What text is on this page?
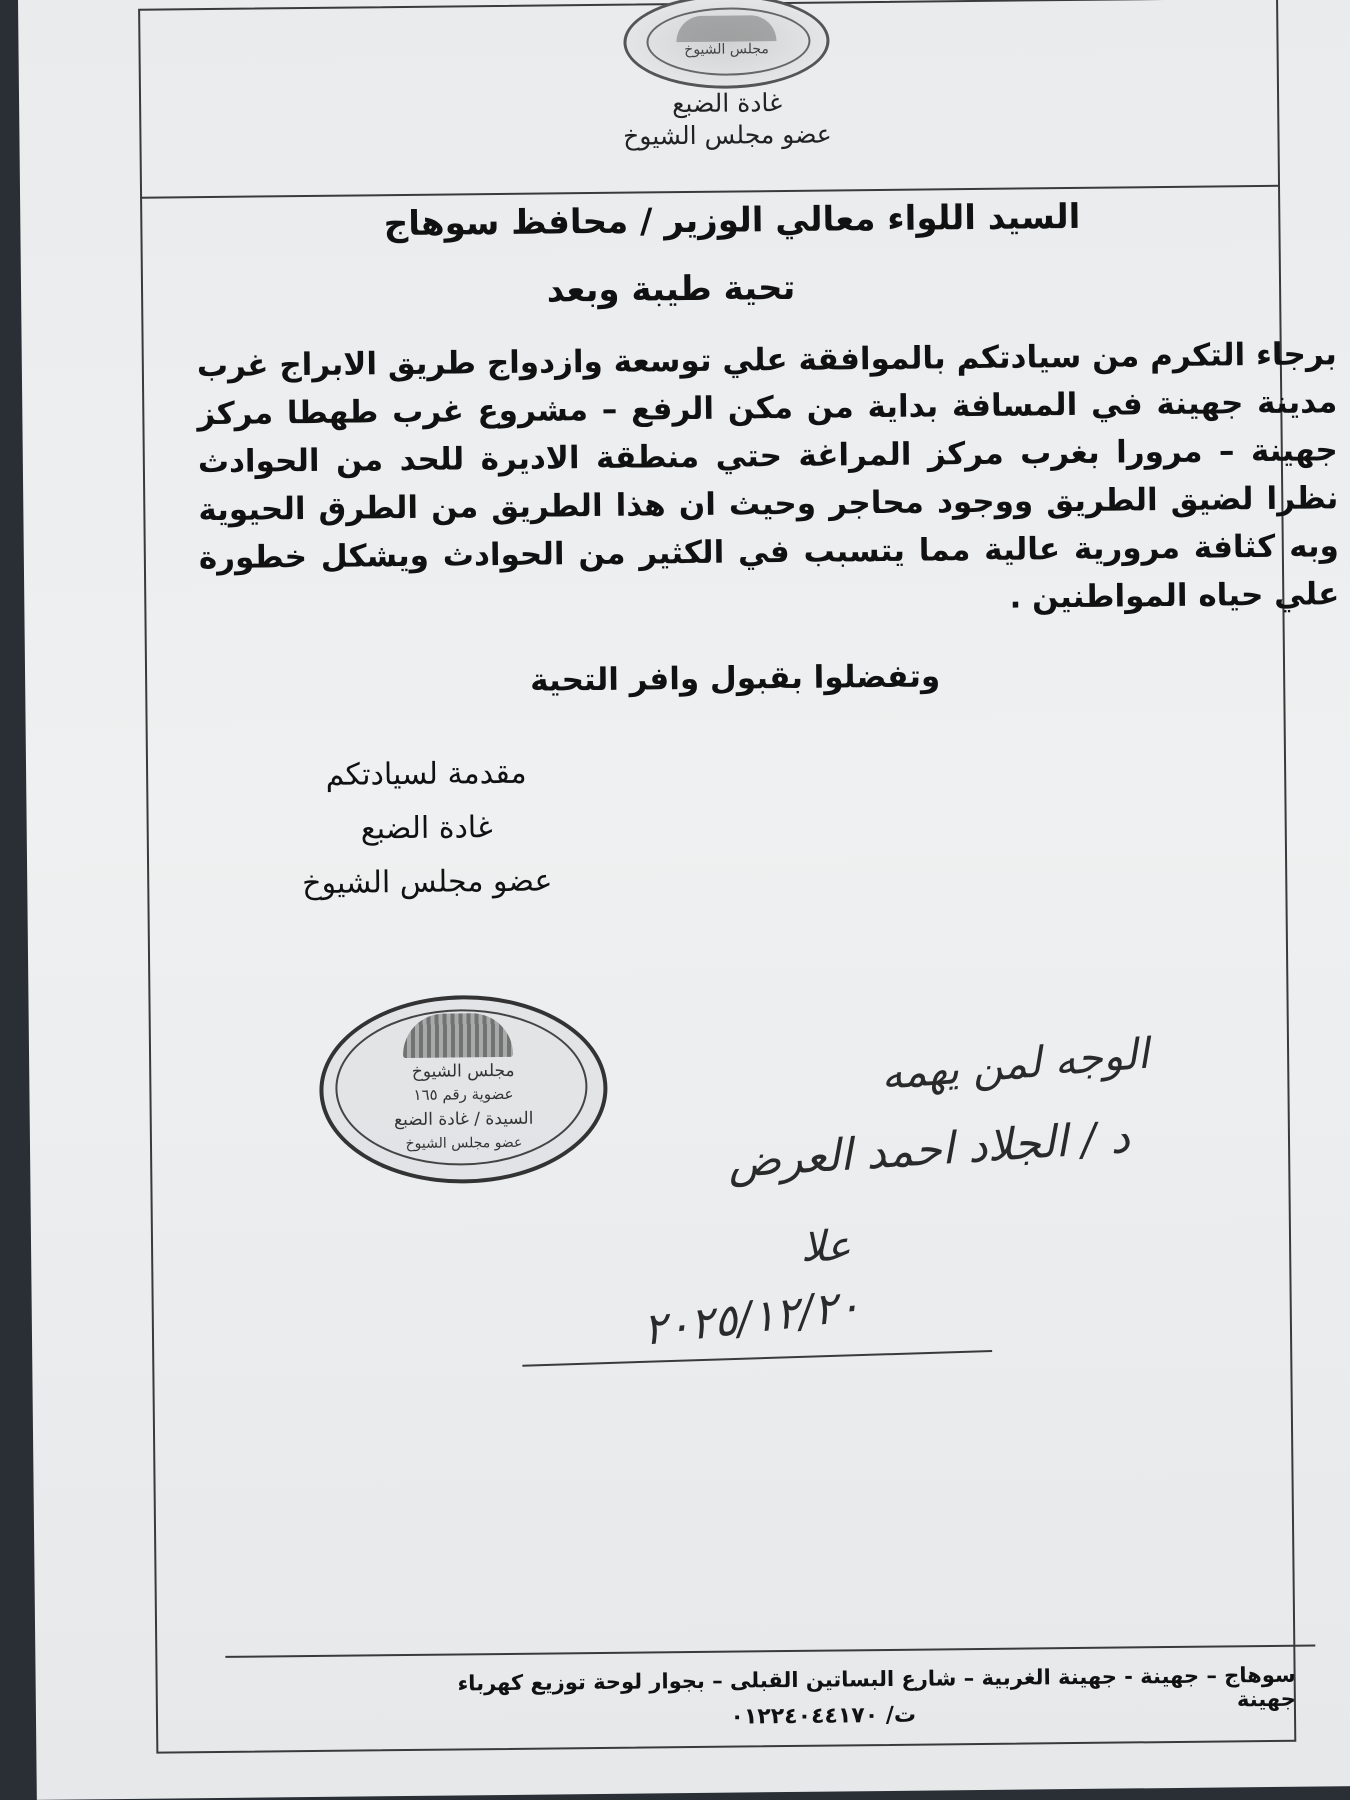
مجلس الشيوخ
غادة الضبع
عضو مجلس الشيوخ
السيد اللواء معالي الوزير / محافظ سوهاج
تحية طيبة وبعد
برجاء التكرم من سيادتكم بالموافقة علي توسعة وازدواج طريق الابراج غرب مدينة جهينة في المسافة بداية من مكن الرفع – مشروع غرب طهطا مركز جهينة – مرورا بغرب مركز المراغة حتي منطقة الاديرة للحد من الحوادث نظرا لضيق الطريق ووجود محاجر وحيث ان هذا الطريق من الطرق الحيوية وبه كثافة مرورية عالية مما يتسبب في الكثير من الحوادث ويشكل خطورة علي حياه المواطنين .
وتفضلوا بقبول وافر التحية
مقدمة لسيادتكم
غادة الضبع
عضو مجلس الشيوخ
مجلس الشيوخ
عضوية رقم ١٦٥
السيدة / غادة الضبع
عضو مجلس الشيوخ
الوجه لمن يهمه
د / الجلاد احمد العرض
علا
٢٠٢٥/١٢/٢٠
سوهاج – جهينة - جهينة الغربية – شارع البساتين القبلى – بجوار لوحة توزيع كهرباء جهينة
ت/ ٠١٢٢٤٠٤٤١٧٠
